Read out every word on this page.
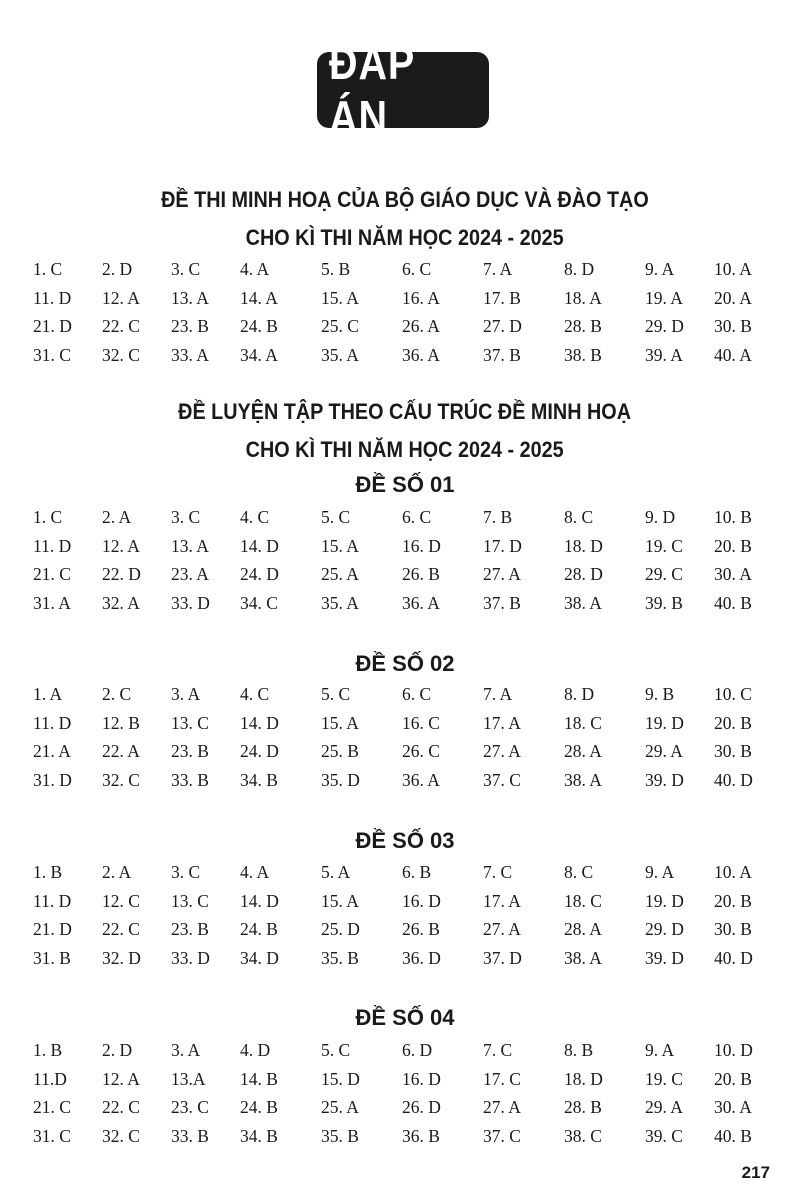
ĐÁP ÁN
ĐỀ THI MINH HOẠ CỦA BỘ GIÁO DỤC VÀ ĐÀO TẠO
CHO KÌ THI NĂM HỌC 2024 - 2025
1. C	2. D	3. C	4. A	5. B	6. C	7. A	8. D	9. A	10. A
11. D	12. A	13. A	14. A	15. A	16. A	17. B	18. A	19. A	20. A
21. D	22. C	23. B	24. B	25. C	26. A	27. D	28. B	29. D	30. B
31. C	32. C	33. A	34. A	35. A	36. A	37. B	38. B	39. A	40. A
ĐỀ LUYỆN TẬP THEO CẤU TRÚC ĐỀ MINH HOẠ
CHO KÌ THI NĂM HỌC 2024 - 2025
ĐỀ SỐ 01
1. C	2. A	3. C	4. C	5. C	6. C	7. B	8. C	9. D	10. B
11. D	12. A	13. A	14. D	15. A	16. D	17. D	18. D	19. C	20. B
21. C	22. D	23. A	24. D	25. A	26. B	27. A	28. D	29. C	30. A
31. A	32. A	33. D	34. C	35. A	36. A	37. B	38. A	39. B	40. B
ĐỀ SỐ 02
1. A	2. C	3. A	4. C	5. C	6. C	7. A	8. D	9. B	10. C
11. D	12. B	13. C	14. D	15. A	16. C	17. A	18. C	19. D	20. B
21. A	22. A	23. B	24. D	25. B	26. C	27. A	28. A	29. A	30. B
31. D	32. C	33. B	34. B	35. D	36. A	37. C	38. A	39. D	40. D
ĐỀ SỐ 03
1. B	2. A	3. C	4. A	5. A	6. B	7. C	8. C	9. A	10. A
11. D	12. C	13. C	14. D	15. A	16. D	17. A	18. C	19. D	20. B
21. D	22. C	23. B	24. B	25. D	26. B	27. A	28. A	29. D	30. B
31. B	32. D	33. D	34. D	35. B	36. D	37. D	38. A	39. D	40. D
ĐỀ SỐ 04
1. B	2. D	3. A	4. D	5. C	6. D	7. C	8. B	9. A	10. D
11.D	12. A	13.A	14. B	15. D	16. D	17. C	18. D	19. C	20. B
21. C	22. C	23. C	24. B	25. A	26. D	27. A	28. B	29. A	30. A
31. C	32. C	33. B	34. B	35. B	36. B	37. C	38. C	39. C	40. B
217
